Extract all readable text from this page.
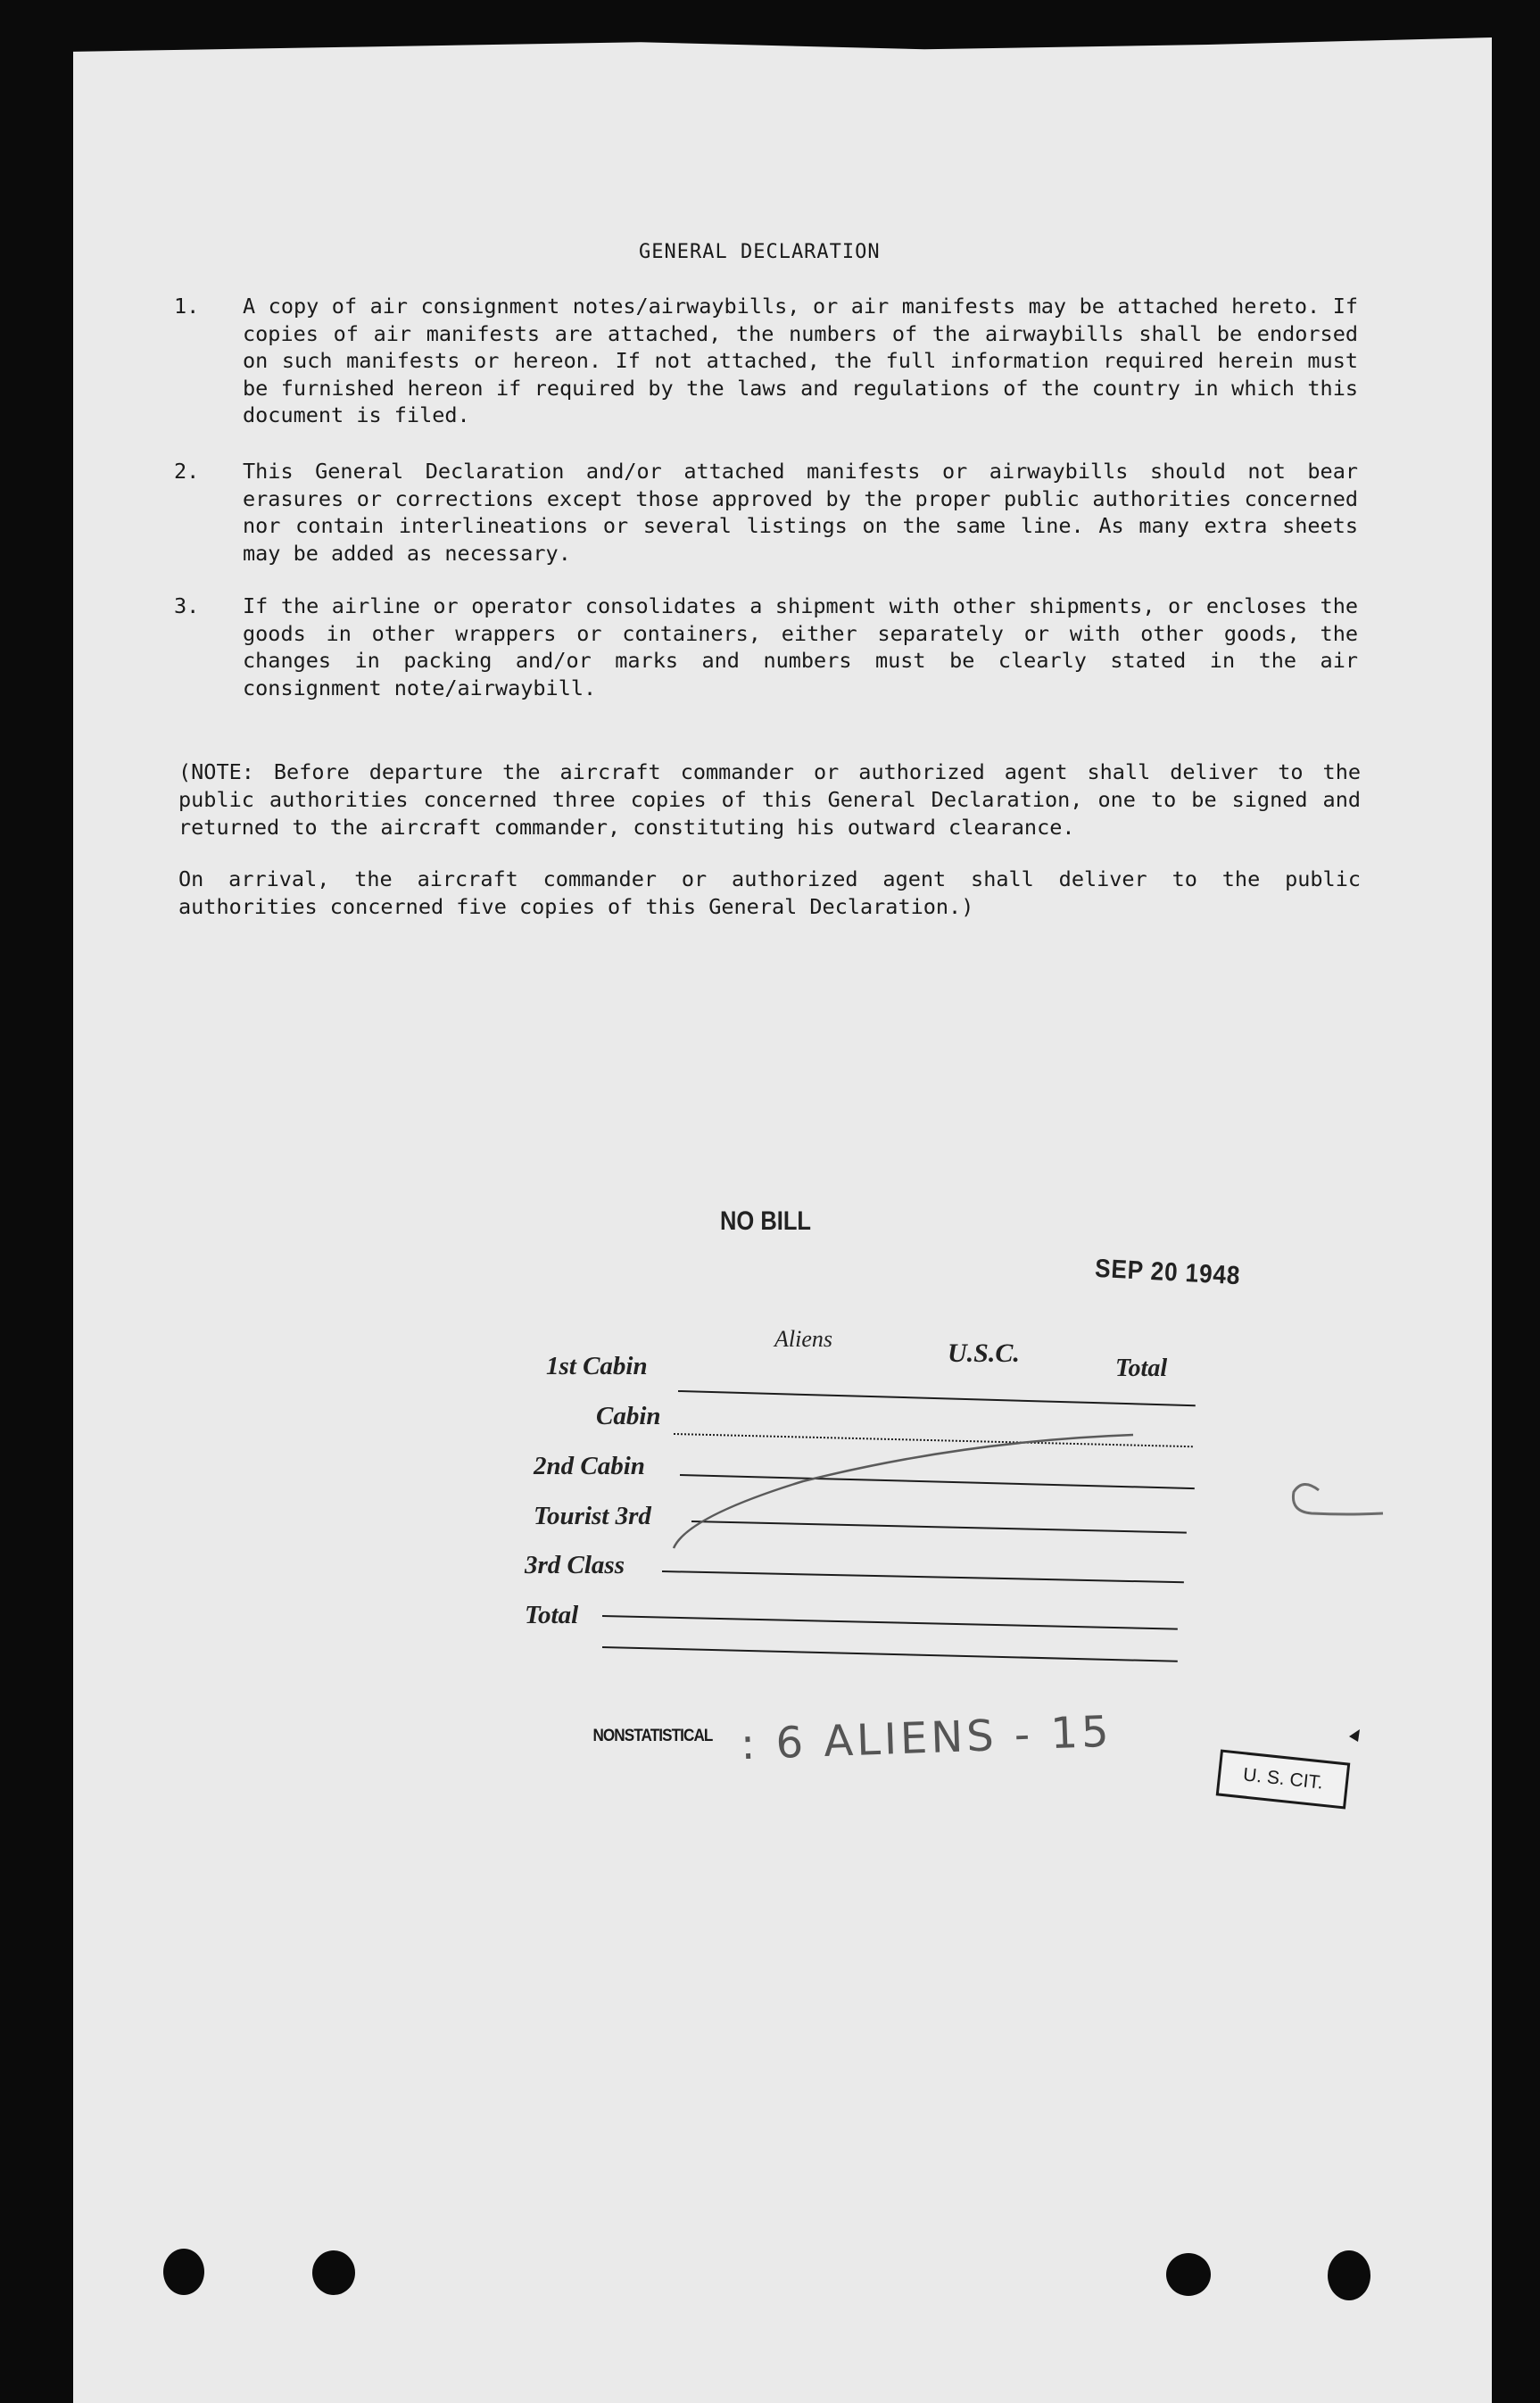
GENERAL DECLARATION
1. A copy of air consignment notes/airwaybills, or air manifests may be attached hereto. If copies of air manifests are attached, the numbers of the airwaybills shall be endorsed on such manifests or hereon. If not attached, the full information required herein must be furnished hereon if required by the laws and regulations of the country in which this document is filed.
2. This General Declaration and/or attached manifests or airwaybills should not bear erasures or corrections except those approved by the proper public authorities concerned nor contain interlineations or several listings on the same line. As many extra sheets may be added as necessary.
3. If the airline or operator consolidates a shipment with other shipments, or encloses the goods in other wrappers or containers, either separately or with other goods, the changes in packing and/or marks and numbers must be clearly stated in the air consignment note/airwaybill.
(NOTE: Before departure the aircraft commander or authorized agent shall deliver to the public authorities concerned three copies of this General Declaration, one to be signed and returned to the aircraft commander, constituting his outward clearance.
On arrival, the aircraft commander or authorized agent shall deliver to the public authorities concerned five copies of this General Declaration.)
NO BILL
SEP 20 1948
Aliens	U.S.C.
Total
1st Cabin
Cabin
2nd Cabin
Tourist 3rd
3rd Class
Total
NONSTATISTICAL : 6 ALIENS - 15
U. S. CIT.
